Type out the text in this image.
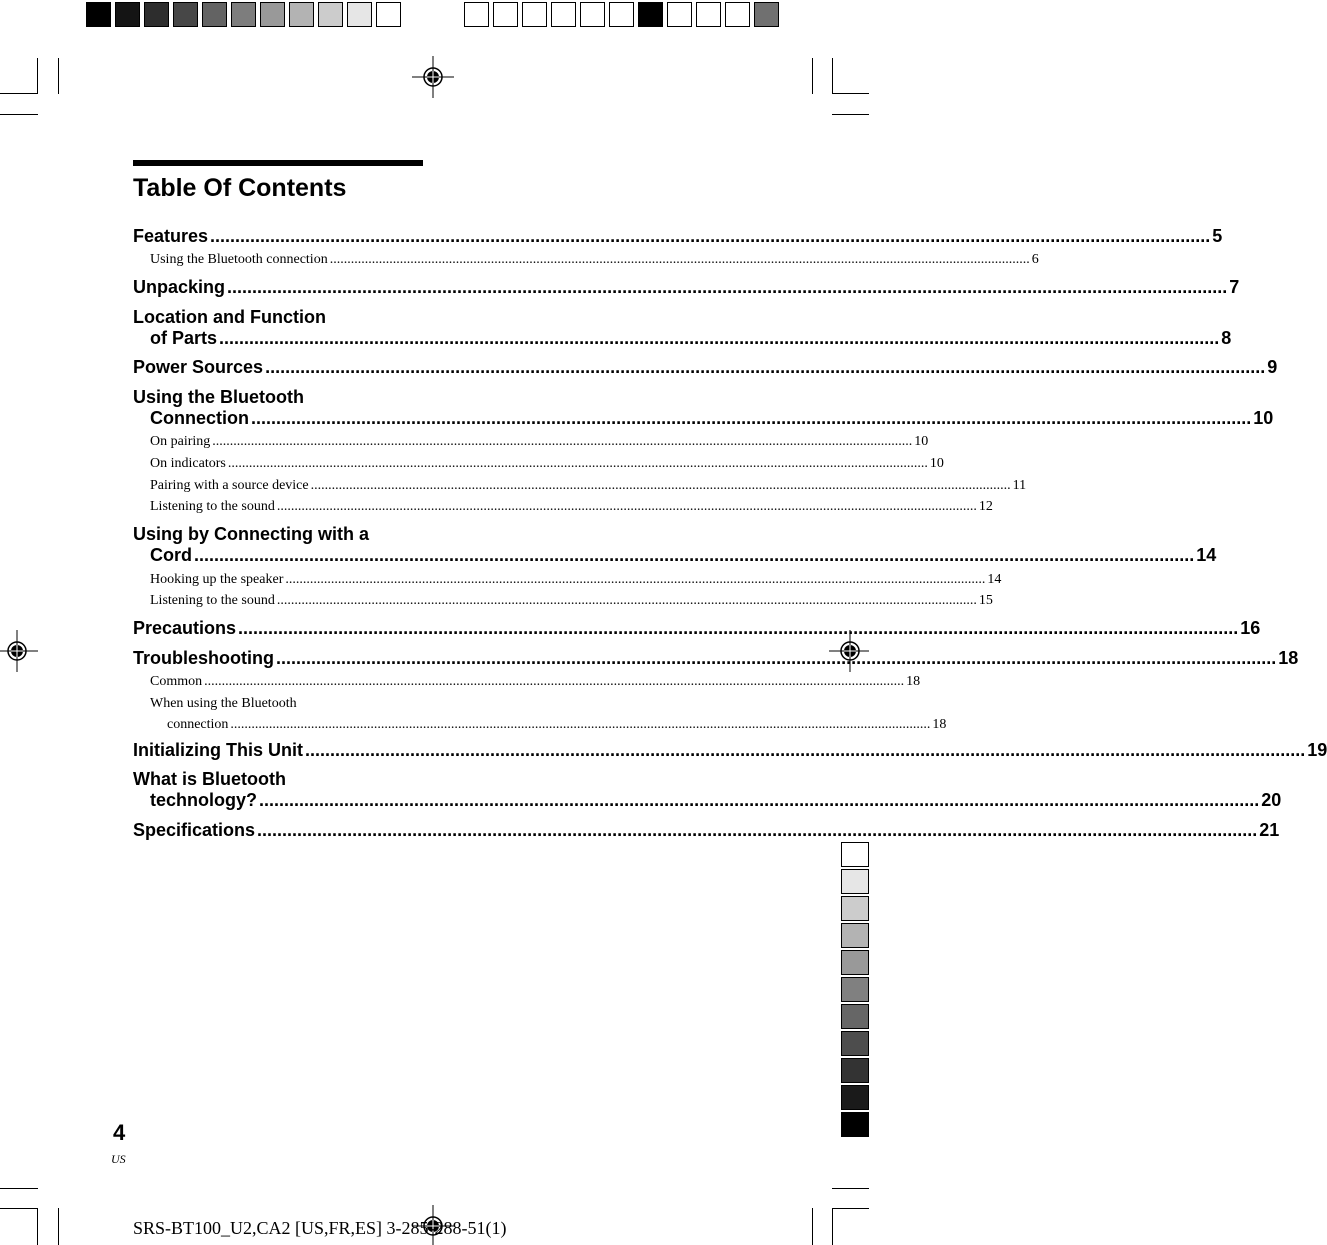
Table Of Contents
Features ........................................................................................................................................................................................................ 5
Using the Bluetooth connection ........................................................................................................................................................................................................ 6
Unpacking ........................................................................................................................................................................................................ 7
Location and Function
of Parts ........................................................................................................................................................................................................ 8
Power Sources ........................................................................................................................................................................................................ 9
Using the Bluetooth
Connection ........................................................................................................................................................................................................ 10
On pairing ........................................................................................................................................................................................................ 10
On indicators ........................................................................................................................................................................................................ 10
Pairing with a source device ........................................................................................................................................................................................................ 11
Listening to the sound ........................................................................................................................................................................................................ 12
Using by Connecting with a
Cord ........................................................................................................................................................................................................ 14
Hooking up the speaker ........................................................................................................................................................................................................ 14
Listening to the sound ........................................................................................................................................................................................................ 15
Precautions ........................................................................................................................................................................................................ 16
Troubleshooting ........................................................................................................................................................................................................ 18
Common ........................................................................................................................................................................................................ 18
When using the Bluetooth
connection ........................................................................................................................................................................................................ 18
Initializing This Unit ........................................................................................................................................................................................................ 19
What is Bluetooth
technology? ........................................................................................................................................................................................................ 20
Specifications ........................................................................................................................................................................................................ 21
4
US
SRS-BT100_U2,CA2 [US,FR,ES] 3-285-288-51(1)
